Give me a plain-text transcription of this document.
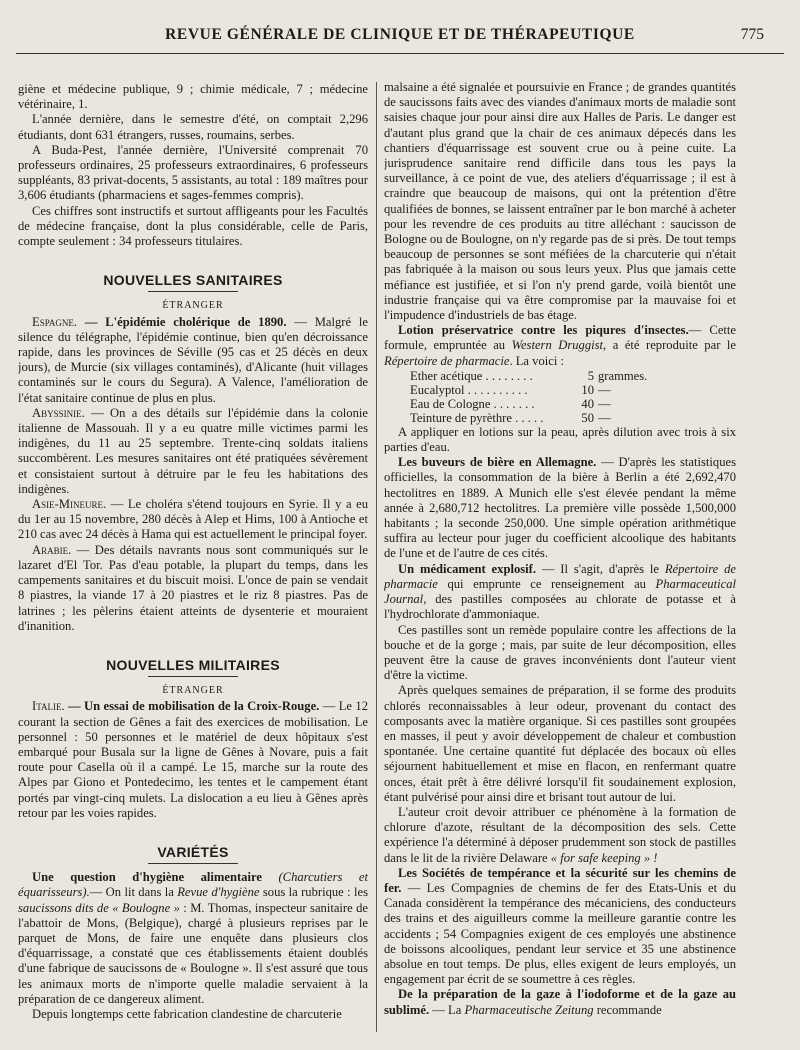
REVUE GÉNÉRALE DE CLINIQUE ET DE THÉRAPEUTIQUE	775

giène et médecine publique, 9 ; chimie médicale, 7 ; médecine vétérinaire, 1.

L'année dernière, dans le semestre d'été, on comptait 2,296 étudiants, dont 631 étrangers, russes, roumains, serbes.

A Buda-Pest, l'année dernière, l'Université comprenait 70 professeurs ordinaires, 25 professeurs extraordinaires, 6 professeurs suppléants, 83 privat-docents, 5 assistants, au total : 189 maîtres pour 3,606 étudiants (pharmaciens et sages-femmes compris).

Ces chiffres sont instructifs et surtout affligeants pour les Facultés de médecine française, dont la plus considérable, celle de Paris, compte seulement : 34 professeurs titulaires.

NOUVELLES SANITAIRES
ÉTRANGER

Espagne. — L'épidémie cholérique de 1890. — Malgré le silence du télégraphe, l'épidémie continue, bien qu'en décroissance rapide, dans les provinces de Séville (95 cas et 25 décès en deux jours), de Murcie (six villages contaminés), d'Alicante (huit villages contaminés sur le cours du Segura). A Valence, l'amélioration de l'état sanitaire continue de plus en plus.

Abyssinie. — On a des détails sur l'épidémie dans la colonie italienne de Massouah. Il y a eu quatre mille victimes parmi les indigènes, du 11 au 25 septembre. Trente-cinq soldats italiens succombèrent. Les mesures sanitaires ont été pratiquées sévèrement et consistaient surtout à détruire par le feu les habitations des indigènes.

Asie-Mineure. — Le choléra s'étend toujours en Syrie. Il y a eu du 1er au 15 novembre, 280 décès à Alep et Hims, 100 à Antioche et 210 cas avec 24 décès à Hama qui est actuellement le principal foyer.

Arabie. — Des détails navrants nous sont communiqués sur le lazaret d'El Tor. Pas d'eau potable, la plupart du temps, dans les campements sanitaires et du biscuit moisi. L'once de pain se vendait 8 piastres, la viande 17 à 20 piastres et le riz 8 piastres. Pas de latrines ; les pèlerins étaient atteints de dysenterie et mouraient d'inanition.

NOUVELLES MILITAIRES
ÉTRANGER

Italie. — Un essai de mobilisation de la Croix-Rouge. — Le 12 courant la section de Gênes a fait des exercices de mobilisation. Le personnel : 50 personnes et le matériel de deux hôpitaux s'est embarqué pour Busala sur la ligne de Gênes à Novare, puis a fait route pour Casella où il a campé. Le 15, marche sur la route des Alpes par Giono et Pontedecimo, les tentes et le campement étant portés par vingt-cinq mulets. La dislocation a eu lieu à Gênes après retour par les voies rapides.

VARIÉTÉS

Une question d'hygiène alimentaire (Charcutiers et équarisseurs).— On lit dans la Revue d'hygiène sous la rubrique : les saucissons dits de « Boulogne » : M. Thomas, inspecteur sanitaire de l'abattoir de Mons, (Belgique), chargé à plusieurs reprises par le parquet de Mons, de faire une enquête dans plusieurs clos d'équarrissage, a constaté que ces établissements étaient doublés d'une fabrique de saucissons de « Boulogne ». Il s'est assuré que tous les animaux morts de n'importe quelle maladie servaient à la préparation de ce dangereux aliment.

Depuis longtemps cette fabrication clandestine de charcuterie

malsaine a été signalée et poursuivie en France ; de grandes quantités de saucissons faits avec des viandes d'animaux morts de maladie sont saisies chaque jour pour ainsi dire aux Halles de Paris. Le danger est d'autant plus grand que la chair de ces animaux dépecés dans les chantiers d'équarrissage est souvent crue ou à peine cuite. La jurisprudence sanitaire rend difficile dans tous les pays la surveillance, à ce point de vue, des ateliers d'équarrissage ; il est à craindre que beaucoup de maisons, qui ont la prétention d'être qualifiées de bonnes, se laissent entraîner par le bon marché à acheter pour les revendre de ces produits au titre alléchant : saucisson de Bologne ou de Boulogne, on n'y regarde pas de si près. De tout temps beaucoup de personnes se sont méfiées de la charcuterie qui n'était pas fabriquée à la maison ou sous leurs yeux. Plus que jamais cette méfiance est justifiée, et si l'on n'y prend garde, voilà bientôt une industrie française qui va être compromise par la mauvaise foi et l'impudence d'industriels de bas étage.

Lotion préservatrice contre les piqures d'insectes.— Cette formule, empruntée au Western Druggist, a été reproduite par le Répertoire de pharmacie. La voici :

Ether acétique . . . . . . . .	5	grammes.
Eucalyptol . . . . . . . . . .	10	—
Eau de Cologne . . . . . . .	40	—
Teinture de pyrèthre . . . . .	50	—

A appliquer en lotions sur la peau, après dilution avec trois à six parties d'eau.

Les buveurs de bière en Allemagne. — D'après les statistiques officielles, la consommation de la bière à Berlin a été 2,692,470 hectolitres en 1889. A Munich elle s'est élevée pendant la même année à 2,680,712 hectolitres. La première ville possède 1,500,000 habitants ; la seconde 250,000. Une simple opération arithmétique suffira au lecteur pour juger du coefficient alcoolique des habitants de l'une et de l'autre de ces cités.

Un médicament explosif. — Il s'agit, d'après le Répertoire de pharmacie qui emprunte ce renseignement au Pharmaceutical Journal, des pastilles composées au chlorate de potasse et à l'hydrochlorate d'ammoniaque.

Ces pastilles sont un remède populaire contre les affections de la bouche et de la gorge ; mais, par suite de leur décomposition, elles peuvent être la cause de graves inconvénients dont l'auteur vient d'être la victime.

Après quelques semaines de préparation, il se forme des produits chlorés reconnaissables à leur odeur, provenant du contact des composants avec la matière organique. Si ces pastilles sont groupées en masses, il peut y avoir développement de chaleur et combustion spontanée. Une certaine quantité fut déplacée des bocaux où elles séjournent habituellement et mise en flacon, en renfermant quatre onces, était prêt à être délivré lorsqu'il fit soudainement explosion, étant pulvérisé pour ainsi dire et brisant tout autour de lui.

L'auteur croit devoir attribuer ce phénomène à la formation de chlorure d'azote, résultant de la décomposition des sels. Cette expérience l'a déterminé à déposer prudemment son stock de pastilles dans le lit de la rivière Delaware « for safe keeping » !

Les Sociétés de tempérance et la sécurité sur les chemins de fer. — Les Compagnies de chemins de fer des Etats-Unis et du Canada considèrent la tempérance des mécaniciens, des conducteurs des trains et des aiguilleurs comme la meilleure garantie contre les accidents ; 54 Compagnies exigent de ces employés une abstinence de boissons alcooliques, pendant leur service et 35 une abstinence absolue en tout temps. De plus, elles exigent de leurs employés, un engagement par écrit de se soumettre à ces règles.

De la préparation de la gaze à l'iodoforme et de la gaze au sublimé. — La Pharmaceutische Zeitung recommande
